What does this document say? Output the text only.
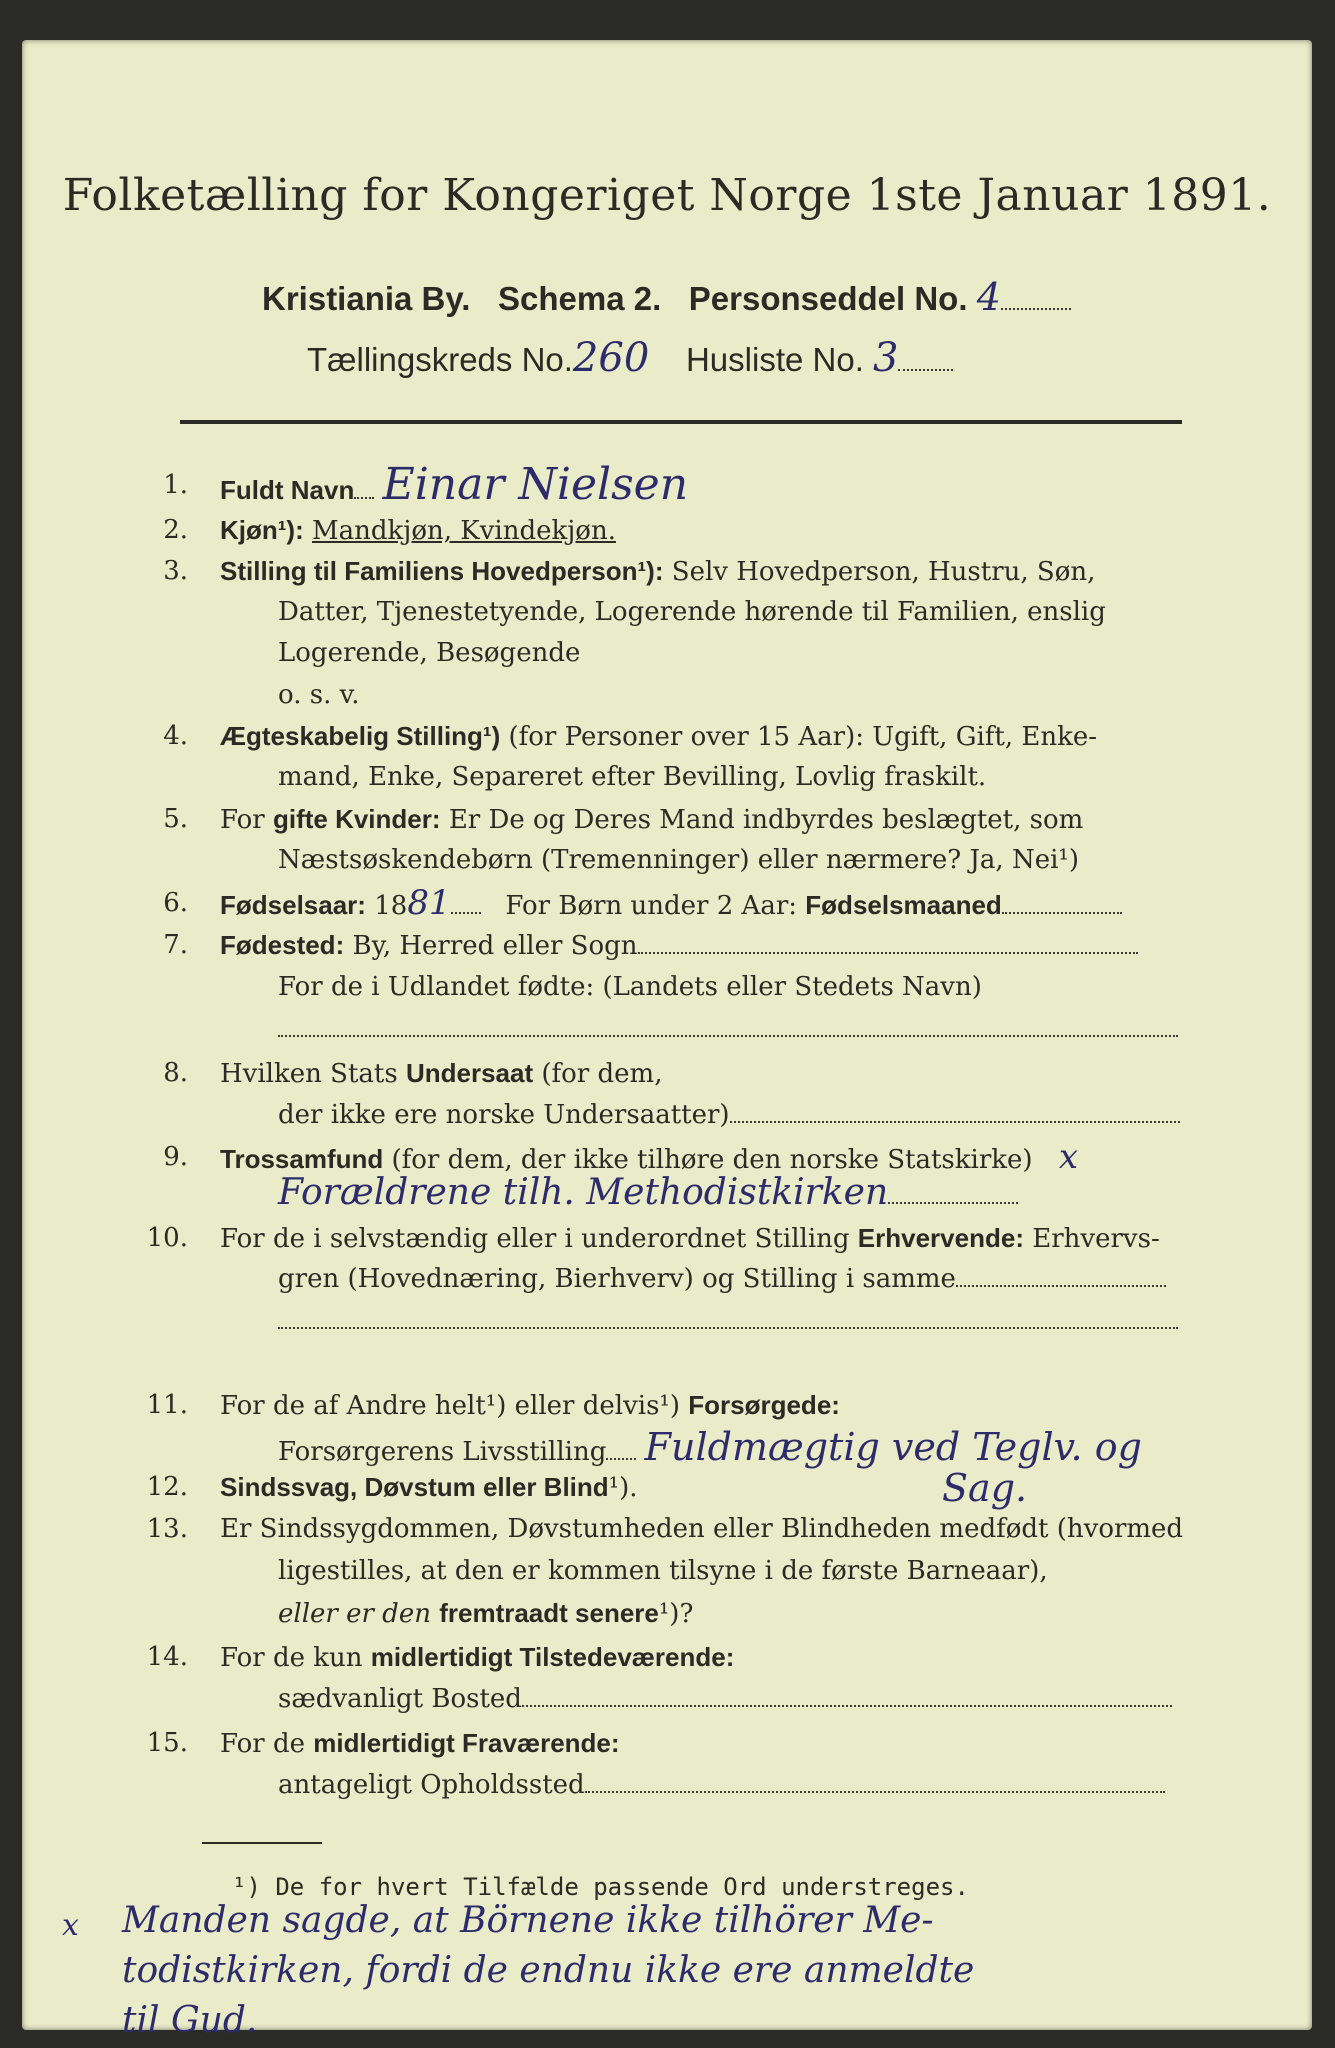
Folketælling for Kongeriget Norge 1ste Januar 1891.
Kristiania By. Schema 2. Personseddel No. 4
Tællingskreds No.260 Husliste No. 3
1. Fuldt Navn Einar Nielsen
2. Kjøn¹): Mandkjøn, Kvindekjøn.
3. Stilling til Familiens Hovedperson¹): Selv Hovedperson, Hustru, Søn,
Datter, Tjenestetyende, Logerende hørende til Familien, enslig
Logerende, Besøgende
o. s. v.
4. Ægteskabelig Stilling¹) (for Personer over 15 Aar): Ugift, Gift, Enke-
mand, Enke, Separeret efter Bevilling, Lovlig fraskilt.
5. For gifte Kvinder: Er De og Deres Mand indbyrdes beslægtet, som
Næstsøskendebørn (Tremenninger) eller nærmere? Ja, Nei¹)
6. Fødselsaar: 1881 For Børn under 2 Aar: Fødselsmaaned
7. Fødested: By, Herred eller Sogn
For de i Udlandet fødte: (Landets eller Stedets Navn)
8. Hvilken Stats Undersaat (for dem,
der ikke ere norske Undersaatter)
9. Trossamfund (for dem, der ikke tilhøre den norske Statskirke) x
Forældrene tilh. Methodistkirken
10. For de i selvstændig eller i underordnet Stilling Erhvervende: Erhvervs-
gren (Hovednæring, Bierhverv) og Stilling i samme
11. For de af Andre helt¹) eller delvis¹) Forsørgede:
Forsørgerens Livsstilling Fuldmægtig ved Teglv. og
12. Sindssvag, Døvstum eller Blind¹).	Sag.
13. Er Sindssygdommen, Døvstumheden eller Blindheden medfødt (hvormed
ligestilles, at den er kommen tilsyne i de første Barneaar),
eller er den fremtraadt senere¹)?
14. For de kun midlertidigt Tilstedeværende:
sædvanligt Bosted
15. For de midlertidigt Fraværende:
antageligt Opholdssted
¹) De for hvert Tilfælde passende Ord understreges.
x Manden sagde, at Börnene ikke tilhörer Me-
todistkirken, fordi de endnu ikke ere anmeldte
til Gud.
